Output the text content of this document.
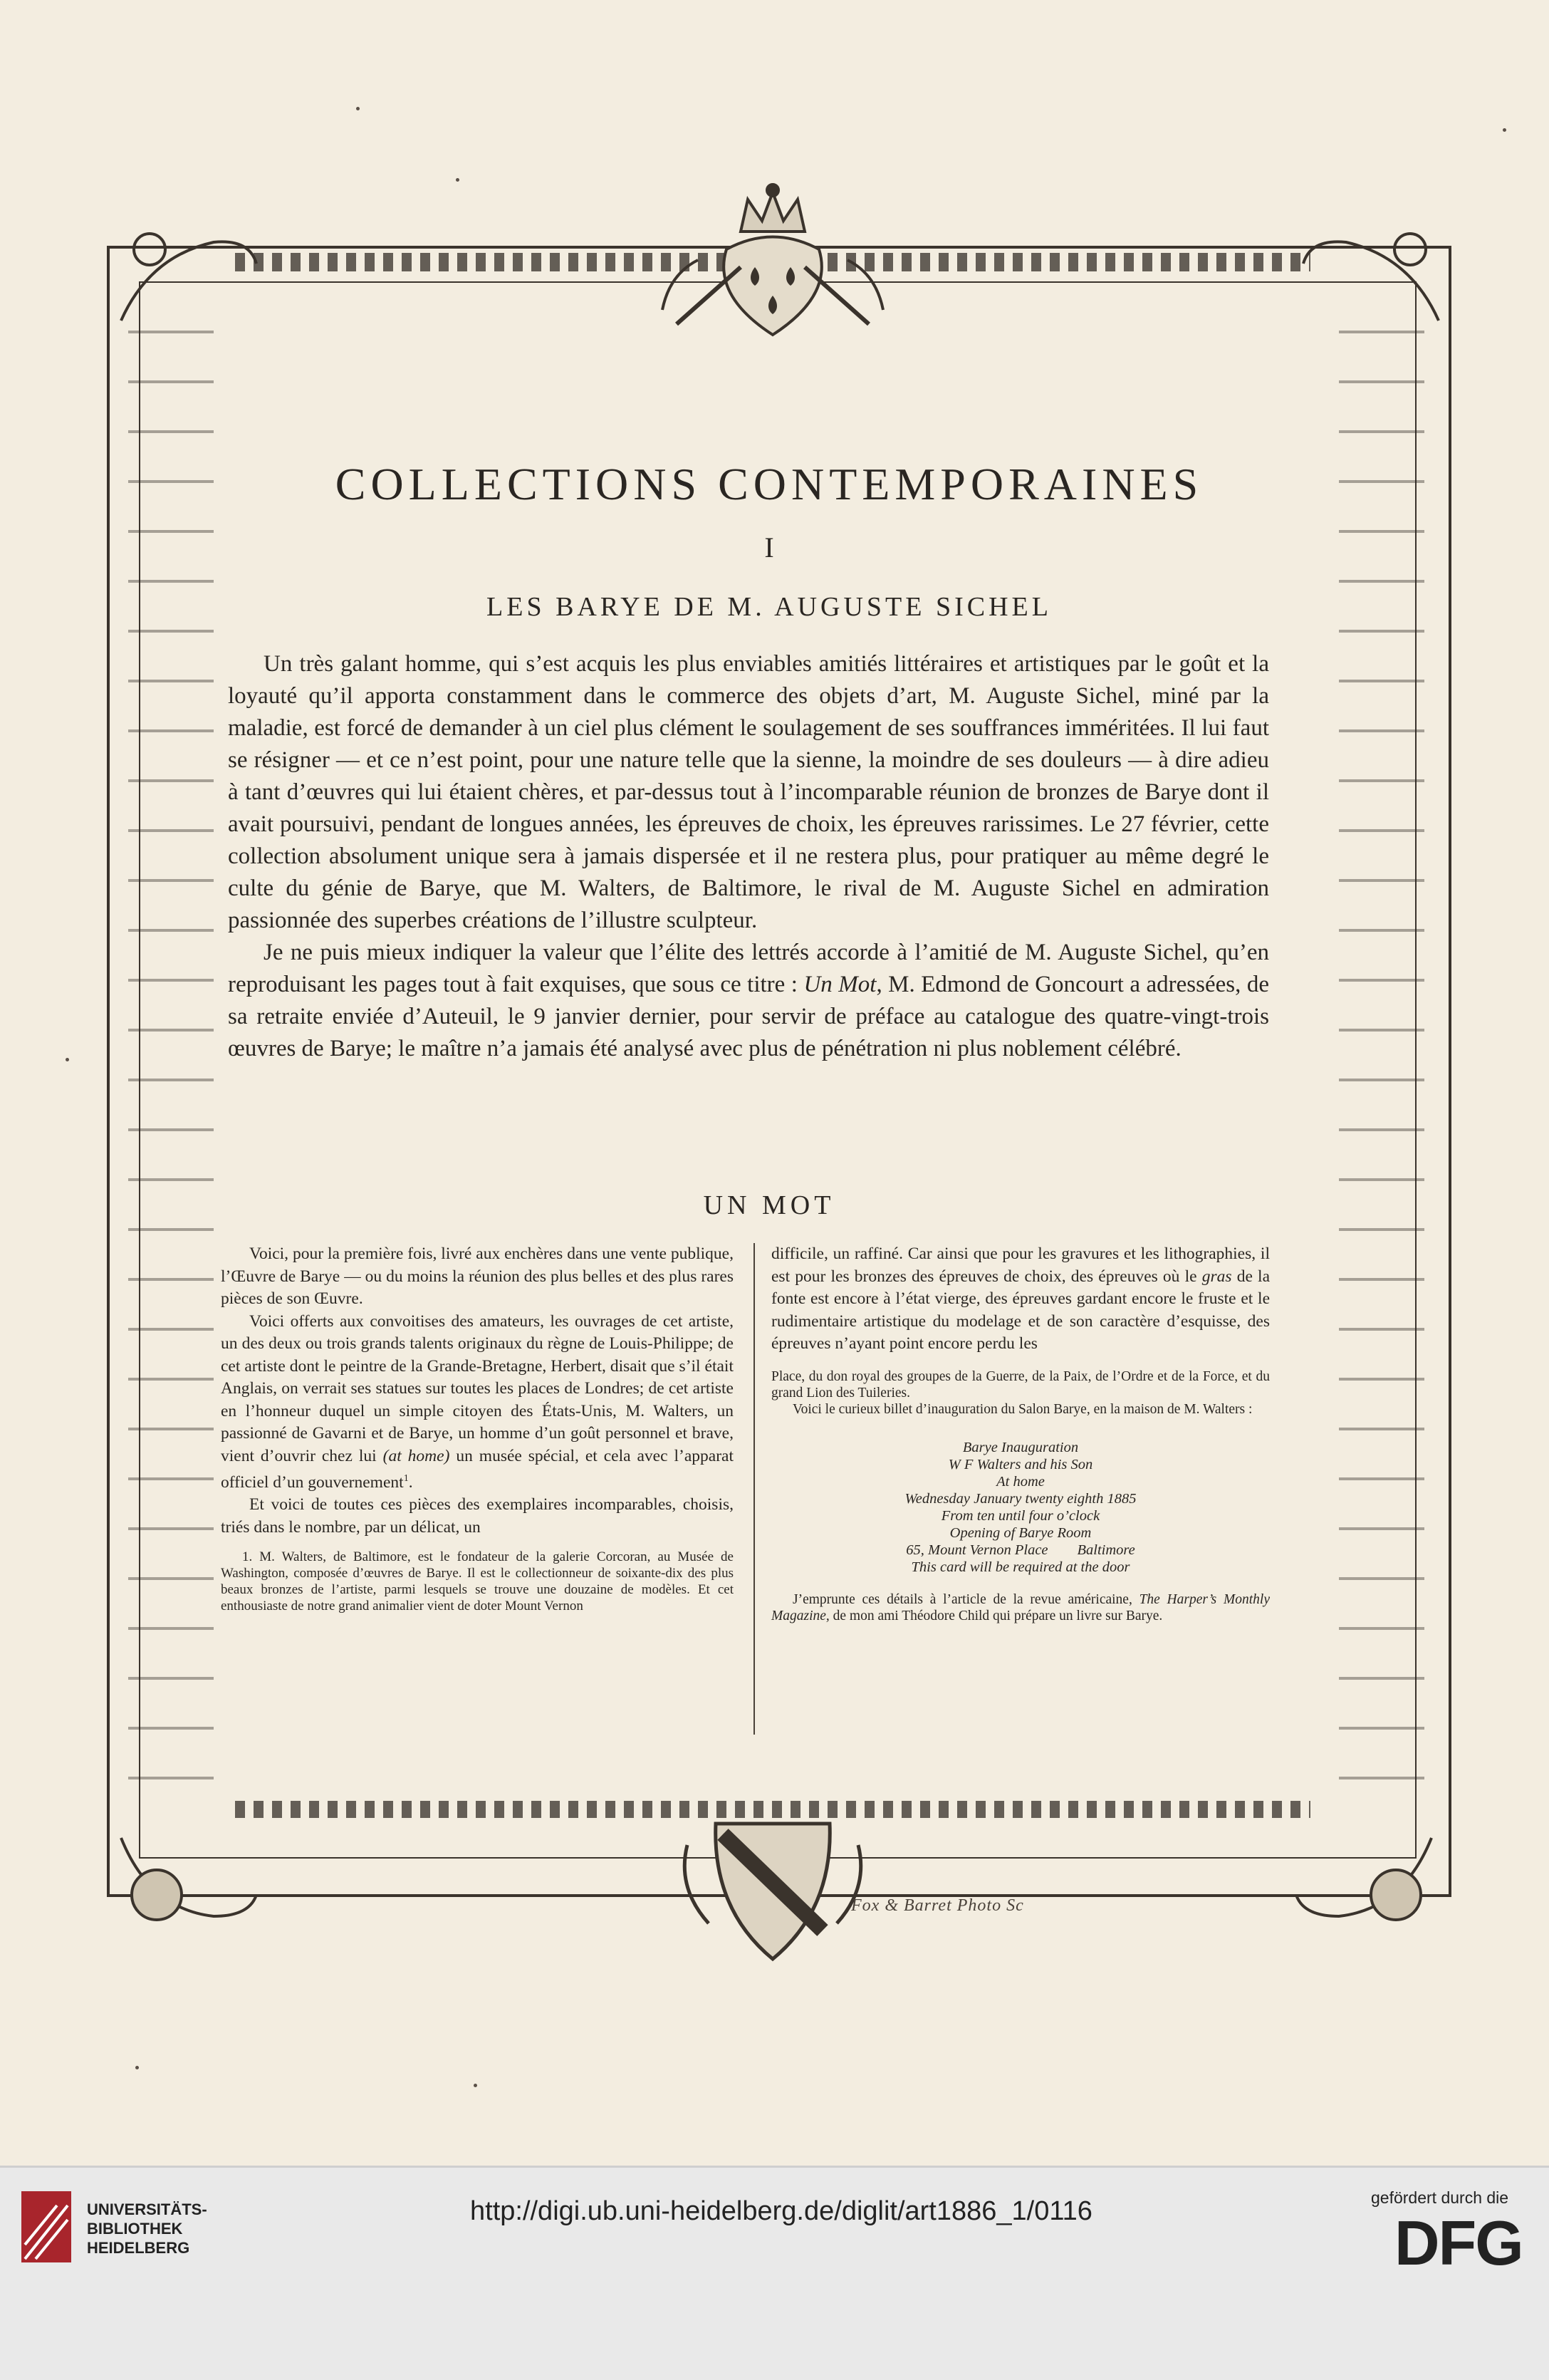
Fox & Barret Photo Sc
COLLECTIONS CONTEMPORAINES
I
LES BARYE DE M. AUGUSTE SICHEL

Un très galant homme, qui s’est acquis les plus enviables amitiés littéraires et artistiques par le goût et la loyauté qu’il apporta constamment dans le commerce des objets d’art, M. Auguste Sichel, miné par la maladie, est forcé de demander à un ciel plus clément le soulagement de ses souffrances imméritées. Il lui faut se résigner — et ce n’est point, pour une nature telle que la sienne, la moindre de ses douleurs — à dire adieu à tant d’œuvres qui lui étaient chères, et par-dessus tout à l’incomparable réunion de bronzes de Barye dont il avait poursuivi, pendant de longues années, les épreuves de choix, les épreuves rarissimes. Le 27 février, cette collection absolument unique sera à jamais dispersée et il ne restera plus, pour pratiquer au même degré le culte du génie de Barye, que M. Walters, de Baltimore, le rival de M. Auguste Sichel en admiration passionnée des superbes créations de l’illustre sculpteur.

Je ne puis mieux indiquer la valeur que l’élite des lettrés accorde à l’amitié de M. Auguste Sichel, qu’en reproduisant les pages tout à fait exquises, que sous ce titre : Un Mot, M. Edmond de Goncourt a adressées, de sa retraite enviée d’Auteuil, le 9 janvier dernier, pour servir de préface au catalogue des quatre-vingt-trois œuvres de Barye; le maître n’a jamais été analysé avec plus de pénétration ni plus noblement célébré.

UN MOT

Voici, pour la première fois, livré aux enchères dans une vente publique, l’Œuvre de Barye — ou du moins la réunion des plus belles et des plus rares pièces de son Œuvre.

Voici offerts aux convoitises des amateurs, les ouvrages de cet artiste, un des deux ou trois grands talents originaux du règne de Louis-Philippe; de cet artiste dont le peintre de la Grande-Bretagne, Herbert, disait que s’il était Anglais, on verrait ses statues sur toutes les places de Londres; de cet artiste en l’honneur duquel un simple citoyen des États-Unis, M. Walters, un passionné de Gavarni et de Barye, un homme d’un goût personnel et brave, vient d’ouvrir chez lui (at home) un musée spécial, et cela avec l’apparat officiel d’un gouvernement$^1$.

Et voici de toutes ces pièces des exemplaires incomparables, choisis, triés dans le nombre, par un délicat, un

1. M. Walters, de Baltimore, est le fondateur de la galerie Corcoran, au Musée de Washington, composée d’œuvres de Barye. Il est le collectionneur de soixante-dix des plus beaux bronzes de l’artiste, parmi lesquels se trouve une douzaine de modèles. Et cet enthousiaste de notre grand animalier vient de doter Mount Vernon

difficile, un raffiné. Car ainsi que pour les gravures et les lithographies, il est pour les bronzes des épreuves de choix, des épreuves où le gras de la fonte est encore à l’état vierge, des épreuves gardant encore le fruste et le rudimentaire artistique du modelage et de son caractère d’esquisse, des épreuves n’ayant point encore perdu les

Place, du don royal des groupes de la Guerre, de la Paix, de l’Ordre et de la Force, et du grand Lion des Tuileries.

Voici le curieux billet d’inauguration du Salon Barye, en la maison de M. Walters :

Barye Inauguration
W F Walters and his Son
At home
Wednesday January twenty eighth 1885
From ten until four o’clock
Opening of Barye Room
65, Mount Vernon Place        Baltimore
This card will be required at the door

J’emprunte ces détails à l’article de la revue américaine, The Harper’s Monthly Magazine, de mon ami Théodore Child qui prépare un livre sur Barye.

UNIVERSITÄTS-
BIBLIOTHEK
HEIDELBERG
http://digi.ub.uni-heidelberg.de/diglit/art1886_1/0116	gefördert durch die
DFG
